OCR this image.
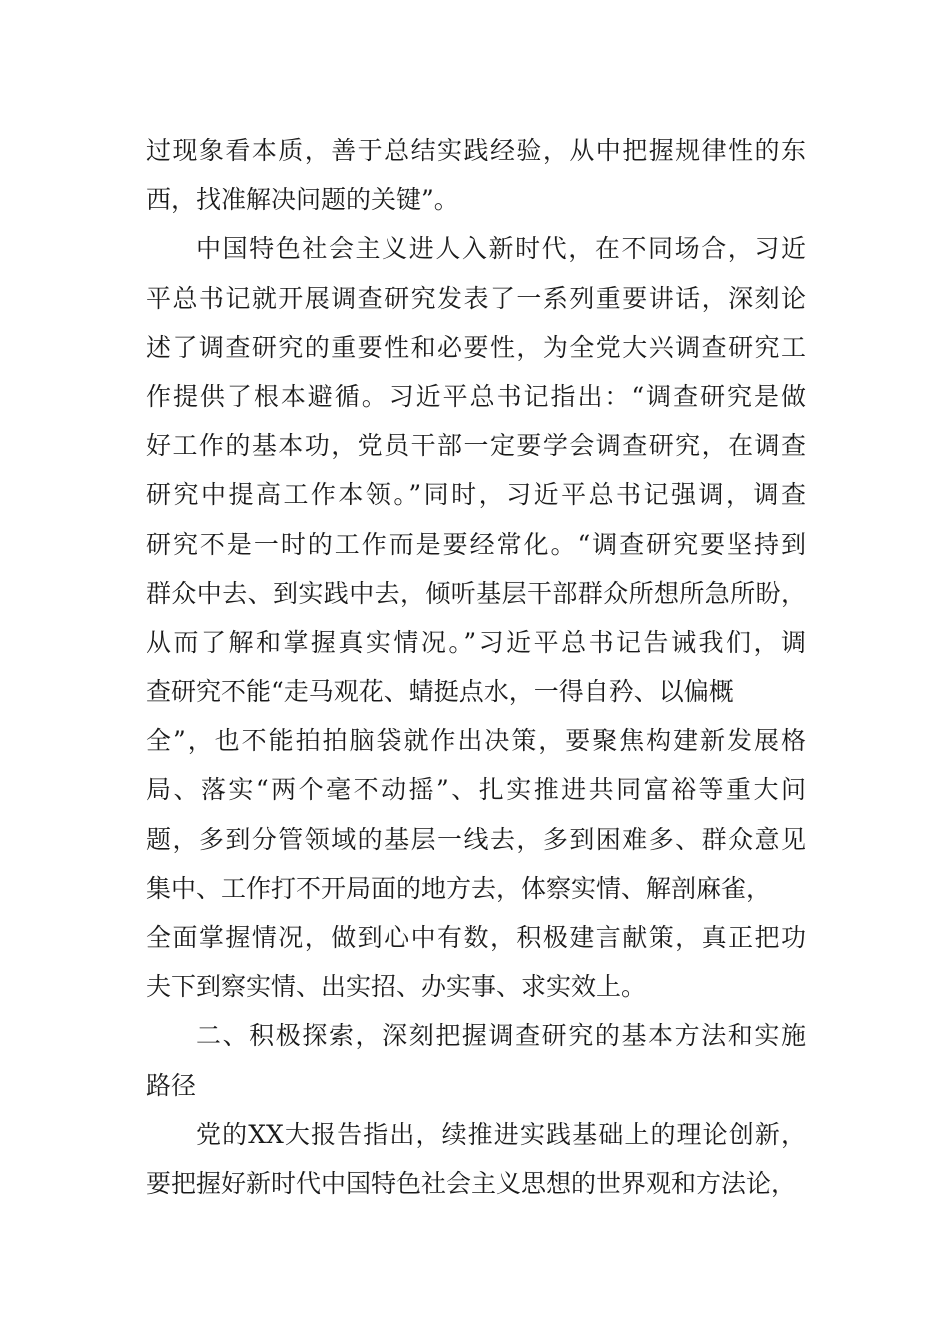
过现象看本质，善于总结实践经验，从中把握规律性的东
西，找准解决问题的关键”。
中国特色社会主义进人入新时代，在不同场合，习近
平总书记就开展调查研究发表了一系列重要讲话，深刻论
述了调查研究的重要性和必要性，为全党大兴调查研究工
作提供了根本避循。习近平总书记指出：“调查研究是做
好工作的基本功，党员干部一定要学会调查研究，在调查
研究中提高工作本领。”同时，习近平总书记强调，调查
研究不是一时的工作而是要经常化。“调查研究要坚持到
群众中去、到实践中去，倾听基层干部群众所想所急所盼，
从而了解和掌握真实情况。”习近平总书记告诫我们，调
查研究不能“走马观花、蜻挺点水，一得自矜、以偏概
全”，也不能拍拍脑袋就作出决策，要聚焦构建新发展格
局、落实“两个毫不动摇”、扎实推进共同富裕等重大问
题，多到分管领域的基层一线去，多到困难多、群众意见
集中、工作打不开局面的地方去，体察实情、解剖麻雀，
全面掌握情况，做到心中有数，积极建言献策，真正把功
夫下到察实情、出实招、办实事、求实效上。
二、积极探索，深刻把握调查研究的基本方法和实施
路径
党的XX大报告指出，续推进实践基础上的理论创新，
要把握好新时代中国特色社会主义思想的世界观和方法论，
